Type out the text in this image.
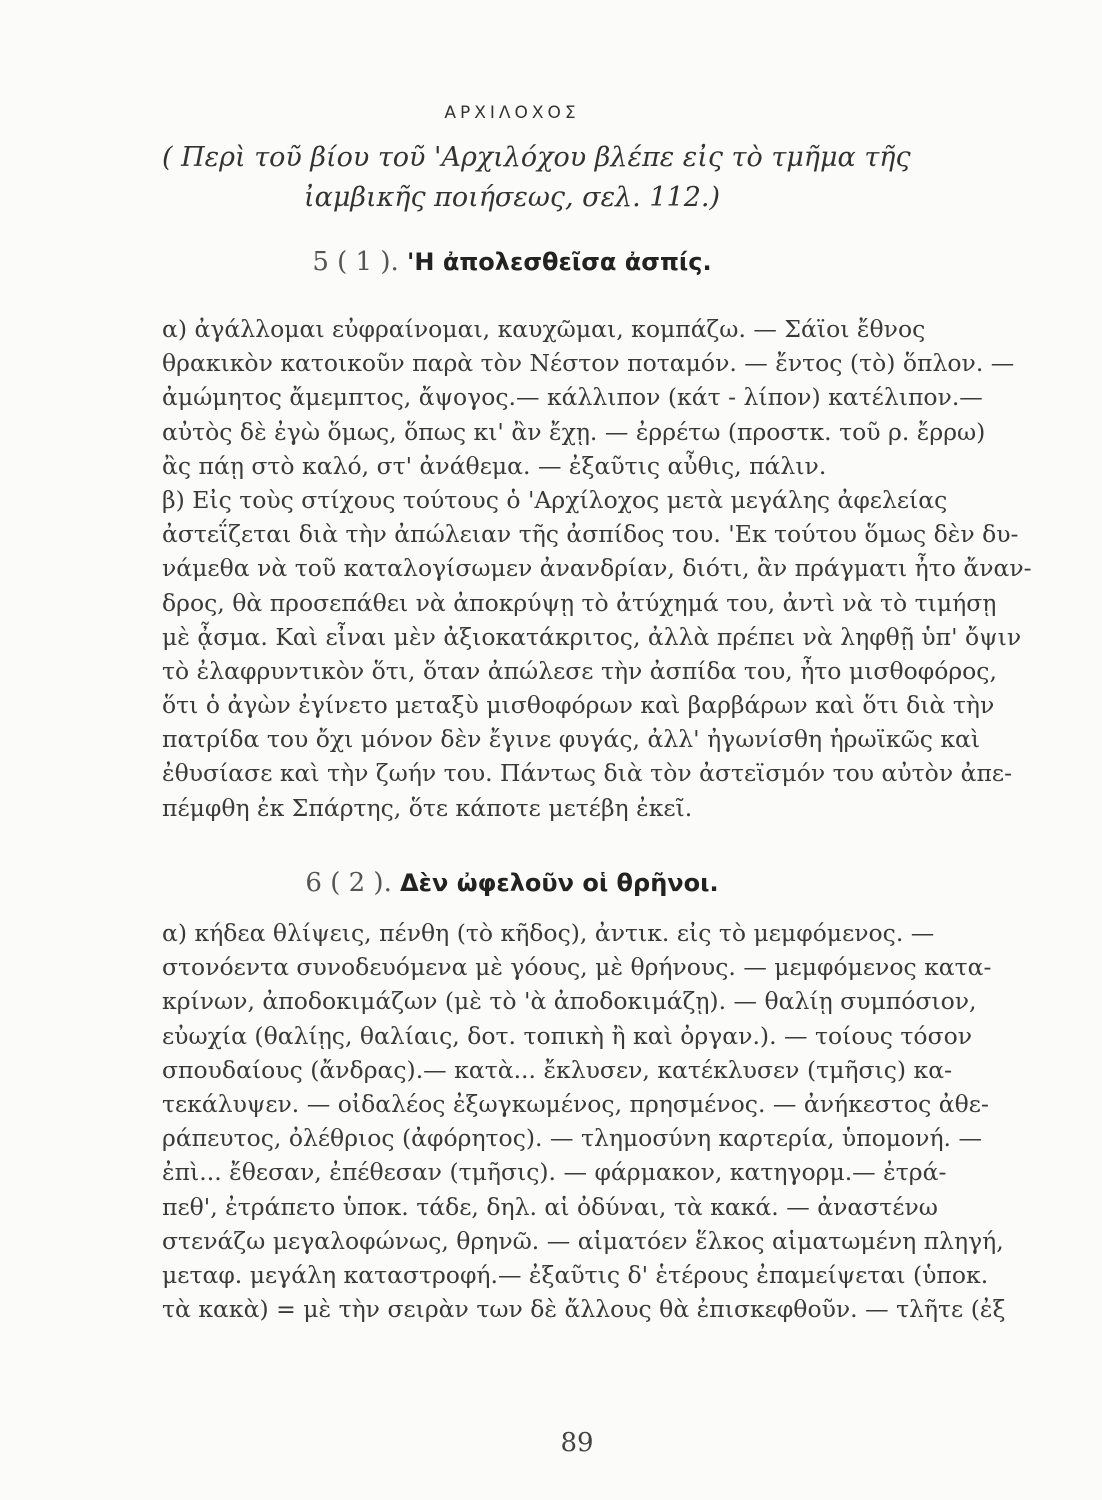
ΑΡΧΙΛΟΧΟΣ
( Περὶ τοῦ βίου τοῦ 'Αρχιλόχου βλέπε εἰς τὸ τμῆμα τῆς
ἰαμβικῆς ποιήσεως, σελ. 112.)
5 ( 1 ). 'Η ἀπολεσθεῖσα ἀσπίς.
α) ἀγάλλομαι εὐφραίνομαι, καυχῶμαι, κομπάζω. — Σάϊοι ἔθνος
θρακικὸν κατοικοῦν παρὰ τὸν Νέστον ποταμόν. — ἔντος (τὸ) ὅπλον. —
ἀμώμητος ἄμεμπτος, ἄψογος.— κάλλιπον (κάτ - λίπον) κατέλιπον.—
αὐτὸς δὲ ἐγὼ ὅμως, ὅπως κι' ἂν ἔχῃ. — ἐρρέτω (προστκ. τοῦ ρ. ἔρρω)
ἂς πάῃ στὸ καλό, στ' ἀνάθεμα. — ἐξαῦτις αὖθις, πάλιν.
β) Εἰς τοὺς στίχους τούτους ὁ 'Αρχίλοχος μετὰ μεγάλης ἀφελείας
ἀστεΐζεται διὰ τὴν ἀπώλειαν τῆς ἀσπίδος του. 'Εκ τούτου ὅμως δὲν δυ-
νάμεθα νὰ τοῦ καταλογίσωμεν ἀνανδρίαν, διότι, ἂν πράγματι ἦτο ἄναν-
δρος, θὰ προσεπάθει νὰ ἀποκρύψῃ τὸ ἀτύχημά του, ἀντὶ νὰ τὸ τιμήσῃ
μὲ ᾆσμα. Καὶ εἶναι μὲν ἀξιοκατάκριτος, ἀλλὰ πρέπει νὰ ληφθῇ ὑπ' ὄψιν
τὸ ἐλαφρυντικὸν ὅτι, ὅταν ἀπώλεσε τὴν ἀσπίδα του, ἦτο μισθοφόρος,
ὅτι ὁ ἀγὼν ἐγίνετο μεταξὺ μισθοφόρων καὶ βαρβάρων καὶ ὅτι διὰ τὴν
πατρίδα του ὄχι μόνον δὲν ἔγινε φυγάς, ἀλλ' ἠγωνίσθη ἡρωϊκῶς καὶ
ἐθυσίασε καὶ τὴν ζωήν του. Πάντως διὰ τὸν ἀστεϊσμόν του αὐτὸν ἀπε-
πέμφθη ἐκ Σπάρτης, ὅτε κάποτε μετέβη ἐκεῖ.
6 ( 2 ). Δὲν ὠφελοῦν οἱ θρῆνοι.
α) κήδεα θλίψεις, πένθη (τὸ κῆδος), ἀντικ. εἰς τὸ μεμφόμενος. —
στονόεντα συνοδευόμενα μὲ γόους, μὲ θρήνους. — μεμφόμενος κατα-
κρίνων, ἀποδοκιμάζων (μὲ τὸ 'ὰ ἀποδοκιμάζῃ). — θαλίῃ συμπόσιον,
εὐωχία (θαλίῃς, θαλίαις, δοτ. τοπικὴ ἢ καὶ ὀργαν.). — τοίους τόσον
σπουδαίους (ἄνδρας).— κατὰ... ἔκλυσεν, κατέκλυσεν (τμῆσις) κα-
τεκάλυψεν. — οἰδαλέος ἐξωγκωμένος, πρησμένος. — ἀνήκεστος ἀθε-
ράπευτος, ὀλέθριος (ἀφόρητος). — τλημοσύνη καρτερία, ὑπομονή. —
ἐπὶ... ἔθεσαν, ἐπέθεσαν (τμῆσις). — φάρμακον, κατηγορμ.— ἐτρά-
πεθ', ἐτράπετο ὑποκ. τάδε, δηλ. αἱ ὀδύναι, τὰ κακά. — ἀναστένω
στενάζω μεγαλοφώνως, θρηνῶ. — αἱματόεν ἕλκος αἱματωμένη πληγή,
μεταφ. μεγάλη καταστροφή.— ἐξαῦτις δ' ἑτέρους ἐπαμείψεται (ὑποκ.
τὰ κακὰ) = μὲ τὴν σειρὰν των δὲ ἄλλους θὰ ἐπισκεφθοῦν. — τλῆτε (ἐξ
89
